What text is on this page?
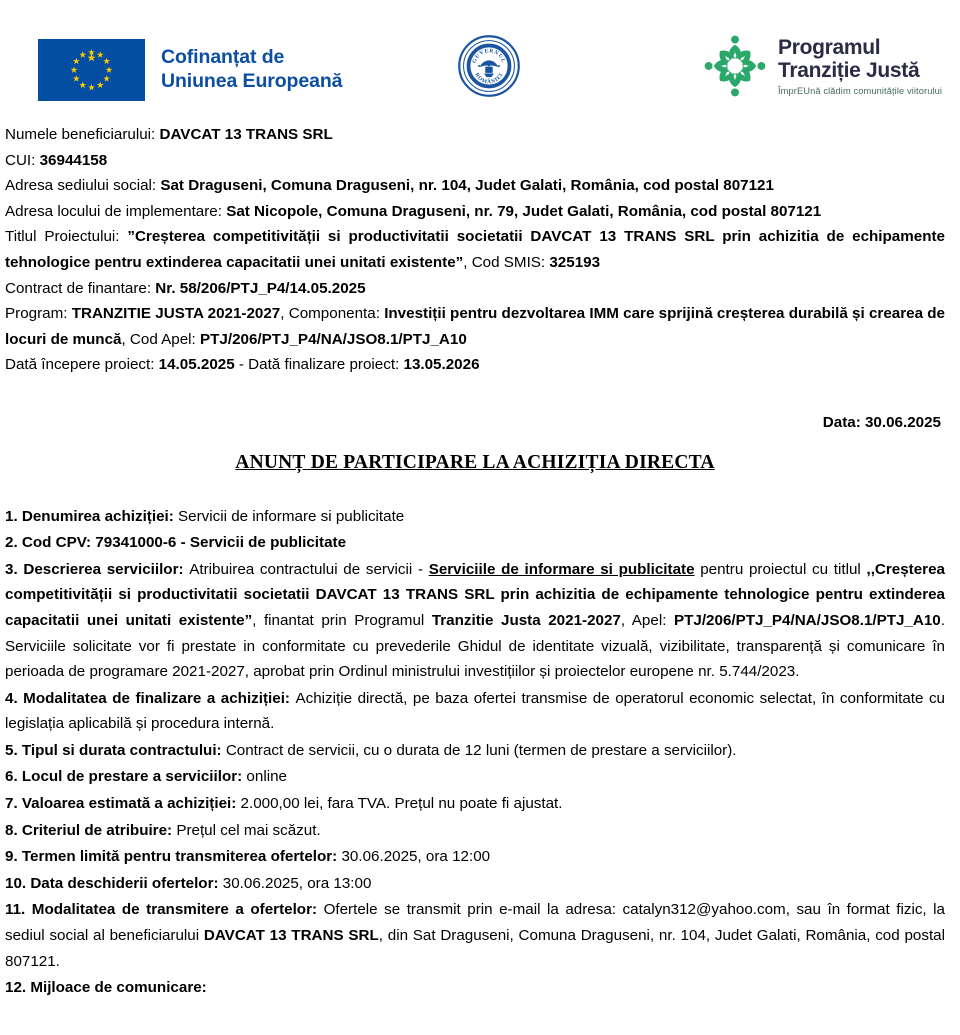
Cofinanțat de
Uniunea Europeană
GUVERNUL
ROMÂNIEI
Programul
Tranziție Justă
ÎmprEUnă clădim comunitățile viitorului

Numele beneficiarului: DAVCAT 13 TRANS SRL

CUI: 36944158

Adresa sediului social: Sat Draguseni, Comuna Draguseni, nr. 104, Judet Galati, România, cod postal 807121

Adresa locului de implementare: Sat Nicopole, Comuna Draguseni, nr. 79, Judet Galati, România, cod postal 807121

Titlul Proiectului: ”Creșterea competitivității si productivitatii societatii DAVCAT 13 TRANS SRL prin achizitia de echipamente tehnologice pentru extinderea capacitatii unei unitati existente”, Cod SMIS: 325193

Contract de finantare: Nr. 58/206/PTJ_P4/14.05.2025

Program: TRANZITIE JUSTA 2021-2027, Componenta: Investiții pentru dezvoltarea IMM care sprijină creșterea durabilă și crearea de locuri de muncă, Cod Apel: PTJ/206/PTJ_P4/NA/JSO8.1/PTJ_A10

Dată începere proiect: 14.05.2025 - Dată finalizare proiect: 13.05.2026

Data: 30.06.2025

ANUNȚ DE PARTICIPARE LA ACHIZIȚIA DIRECTA

1. Denumirea achiziției: Servicii de informare si publicitate

2. Cod CPV: 79341000-6 - Servicii de publicitate

3. Descrierea serviciilor: Atribuirea contractului de servicii - Serviciile de informare si publicitate pentru proiectul cu titlul ,,Creșterea competitivității si productivitatii societatii DAVCAT 13 TRANS SRL prin achizitia de echipamente tehnologice pentru extinderea capacitatii unei unitati existente”, finantat prin Programul Tranzitie Justa 2021-2027, Apel: PTJ/206/PTJ_P4/NA/JSO8.1/PTJ_A10. Serviciile solicitate vor fi prestate in conformitate cu prevederile Ghidul de identitate vizuală, vizibilitate, transparență și comunicare în perioada de programare 2021-2027, aprobat prin Ordinul ministrului investițiilor și proiectelor europene nr. 5.744/2023.

4. Modalitatea de finalizare a achiziției: Achiziție directă, pe baza ofertei transmise de operatorul economic selectat, în conformitate cu legislația aplicabilă și procedura internă.

5. Tipul si durata contractului: Contract de servicii, cu o durata de 12 luni (termen de prestare a serviciilor).

6. Locul de prestare a serviciilor: online

7. Valoarea estimată a achiziției: 2.000,00 lei, fara TVA. Prețul nu poate fi ajustat.

8. Criteriul de atribuire: Prețul cel mai scăzut.

9. Termen limită pentru transmiterea ofertelor: 30.06.2025, ora 12:00

10. Data deschiderii ofertelor: 30.06.2025, ora 13:00

11. Modalitatea de transmitere a ofertelor: Ofertele se transmit prin e-mail la adresa: catalyn312@yahoo.com, sau în format fizic, la sediul social al beneficiarului DAVCAT 13 TRANS SRL, din Sat Draguseni, Comuna Draguseni, nr. 104, Judet Galati, România, cod postal 807121.

12. Mijloace de comunicare:
